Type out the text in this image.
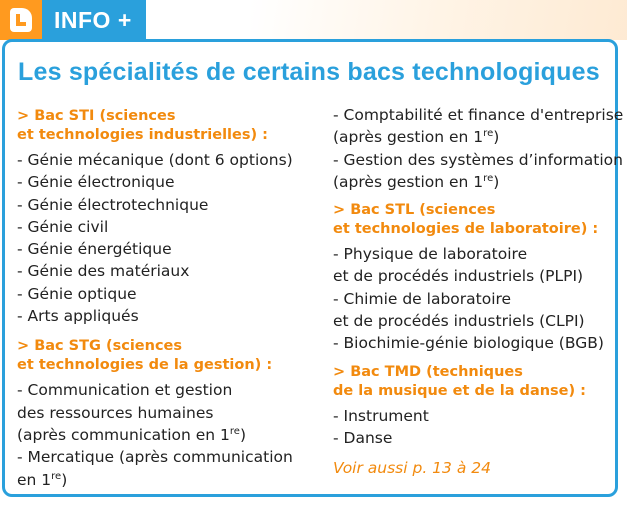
INFO +
Les spécialités de certains bacs technologiques
> Bac STI (sciences
et technologies industrielles) :
- Génie mécanique (dont 6 options)
- Génie électronique
- Génie électrotechnique
- Génie civil
- Génie énergétique
- Génie des matériaux
- Génie optique
- Arts appliqués
> Bac STG (sciences
et technologies de la gestion) :
- Communication et gestion
des ressources humaines
(après communication en 1re)
- Mercatique (après communication
en 1re)
- Comptabilité et finance d'entreprise
(après gestion en 1re)
- Gestion des systèmes d’information
(après gestion en 1re)
> Bac STL (sciences
et technologies de laboratoire) :
- Physique de laboratoire
et de procédés industriels (PLPI)
- Chimie de laboratoire
et de procédés industriels (CLPI)
- Biochimie-génie biologique (BGB)
> Bac TMD (techniques
de la musique et de la danse) :
- Instrument
- Danse
Voir aussi p. 13 à 24
